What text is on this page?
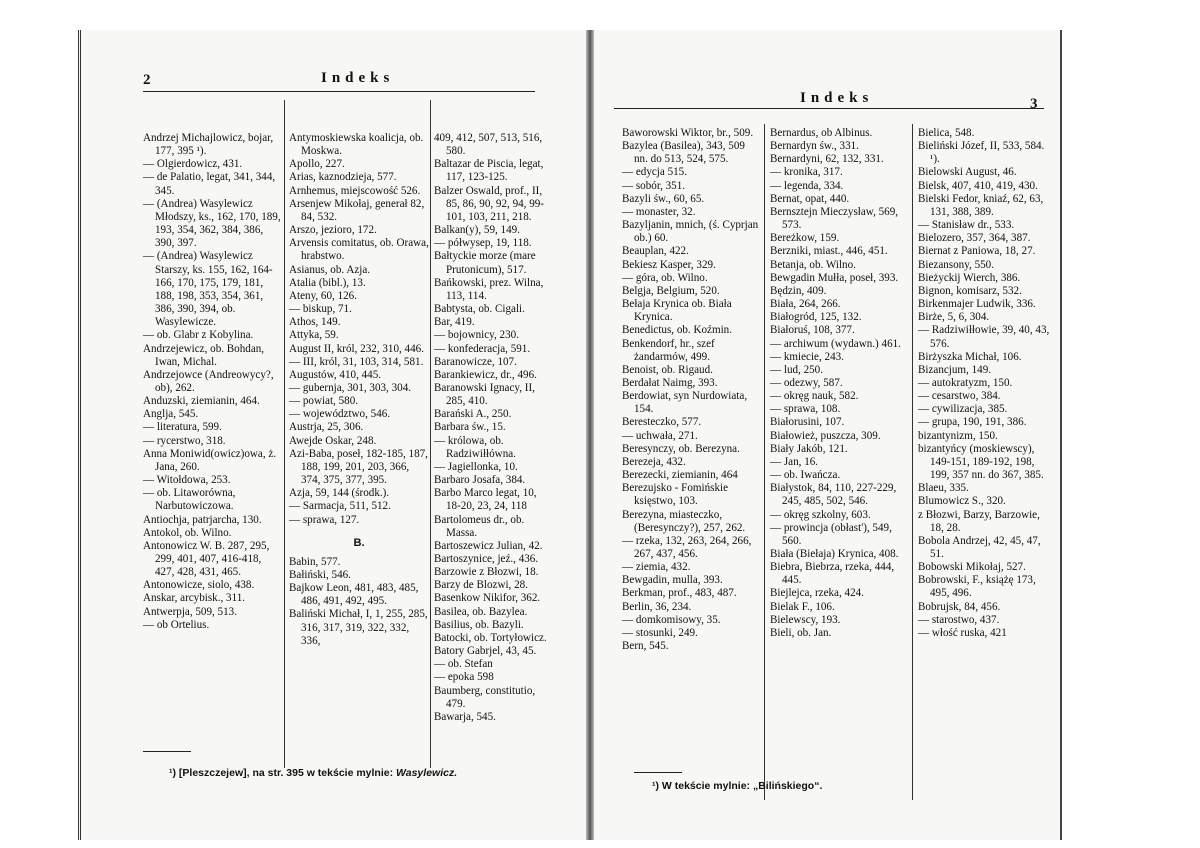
2	Indeks
Andrzej Michajlowicz, bojar, 177, 395 ¹).
— Olgierdowicz, 431.
— de Palatio, legat, 341, 344, 345.
— (Andrea) Wasylewicz Młodszy, ks., 162, 170, 189, 193, 354, 362, 384, 386, 390, 397.
— (Andrea) Wasylewicz Starszy, ks. 155, 162, 164-166, 170, 175, 179, 181, 188, 198, 353, 354, 361, 386, 390, 394, ob. Wasylewicze.
— ob. Glabr z Kobylina.
Andrzejewicz, ob. Bohdan, Iwan, Michal.
Andrzejowce (Andreowycy?, ob), 262.
Anduzski, ziemianin, 464.
Anglja, 545.
— literatura, 599.
— rycerstwo, 318.
Anna Moniwid(owicz)owa, ż. Jana, 260.
— Witołdowa, 253.
— ob. Litaworówna, Narbutowiczowa.
Antiochja, patrjarcha, 130.
Antokol, ob. Wilno.
Antonowicz W. B. 287, 295, 299, 401, 407, 416-418, 427, 428, 431, 465.
Antonowicze, siolo, 438.
Anskar, arcybisk., 311.
Antwerpja, 509, 513.
— ob Ortelius.
Antymoskiewska koalicja, ob. Moskwa.
Apollo, 227.
Arias, kaznodzieja, 577.
Arnhemus, miejscowość 526.
Arsenjew Mikołaj, generał 82, 84, 532.
Arszo, jezioro, 172.
Arvensis comitatus, ob. Orawa, hrabstwo.
Asianus, ob. Azja.
Atalia (bibl.), 13.
Ateny, 60, 126.
— biskup, 71.
Athos, 149.
Attyka, 59.
August II, król, 232, 310, 446.
— III, król, 31, 103, 314, 581.
Augustów, 410, 445.
— gubernja, 301, 303, 304.
— powiat, 580.
— województwo, 546.
Austrja, 25, 306.
Awejde Oskar, 248.
Azi-Baba, poseł, 182-185, 187, 188, 199, 201, 203, 366, 374, 375, 377, 395.
Azja, 59, 144 (środk.).
— Sarmacja, 511, 512.
— sprawa, 127.
B.
Babin, 577.
Bałiński, 546.
Bajkow Leon, 481, 483, 485, 486, 491, 492, 495.
Baliński Michał, I, 1, 255, 285, 316, 317, 319, 322, 332, 336,
409, 412, 507, 513, 516, 580.
Baltazar de Piscia, legat, 117, 123-125.
Balzer Oswald, prof., II, 85, 86, 90, 92, 94, 99-101, 103, 211, 218.
Balkan(y), 59, 149.
— półwysep, 19, 118.
Bałtyckie morze (mare Prutonicum), 517.
Bańkowski, prez. Wilna, 113, 114.
Babtysta, ob. Cigali.
Bar, 419.
— bojownicy, 230.
— konfederacja, 591.
Baranowicze, 107.
Barankiewicz, dr., 496.
Baranowski Ignacy, II, 285, 410.
Barański A., 250.
Barbara św., 15.
— królowa, ob. Radziwiłłówna.
— Jagiellonka, 10.
Barbaro Josafa, 384.
Barbo Marco legat, 10, 18-20, 23, 24, 118
Bartolomeus dr., ob. Massa.
Bartoszewicz Julian, 42.
Bartoszynice, jeź., 436.
Barzowie z Błozwi, 18.
Barzy de Blozwi, 28.
Basenkow Nikifor, 362.
Basilea, ob. Bazylea.
Basilius, ob. Bazyli.
Batocki, ob. Tortyłowicz.
Batory Gabrjel, 43, 45.
— ob. Stefan
— epoka 598
Baumberg, constitutio, 479.
Bawarja, 545.
¹) [Pleszczejew], na str. 395 w tekście mylnie: Wasylewicz.
Indeks	3
Baworowski Wiktor, br., 509.
Bazylea (Basilea), 343, 509 nn. do 513, 524, 575.
— edycja 515.
— sobór, 351.
Bazyli św., 60, 65.
— monaster, 32.
Bazyljanin, mnich, (ś. Cyprjan ob.) 60.
Beauplan, 422.
Bekiesz Kasper, 329.
— góra, ob. Wilno.
Belgja, Belgium, 520.
Bełaja Krynica ob. Biała Krynica.
Benedictus, ob. Koźmin.
Benkendorf, hr., szef żandarmów, 499.
Benoist, ob. Rigaud.
Berdałat Naimg, 393.
Berdowiat, syn Nurdowiata, 154.
Beresteczko, 577.
— uchwała, 271.
Beresynczy, ob. Berezyna.
Berezeja, 432.
Berezecki, ziemianin, 464
Berezujsko - Fomińskie księstwo, 103.
Berezyna, miasteczko, (Beresynczy?), 257, 262.
— rzeka, 132, 263, 264, 266, 267, 437, 456.
— ziemia, 432.
Bewgadin, mulla, 393.
Berkman, prof., 483, 487.
Berlin, 36, 234.
— domkomisowy, 35.
— stosunki, 249.
Bern, 545.
Bernardus, ob Albinus.
Bernardyn św., 331.
Bernardyni, 62, 132, 331.
— kronika, 317.
— legenda, 334.
Bernat, opat, 440.
Bernsztejn Mieczysław, 569, 573.
Bereżkow, 159.
Berzniki, miast., 446, 451.
Betanja, ob. Wilno.
Bewgadin Mułła, poseł, 393.
Będzin, 409.
Biała, 264, 266.
Białogród, 125, 132.
Białoruś, 108, 377.
— archiwum (wydawn.) 461.
— kmiecie, 243.
— lud, 250.
— odezwy, 587.
— okręg nauk, 582.
— sprawa, 108.
Białorusini, 107.
Białowież, puszcza, 309.
Biały Jakób, 121.
— Jan, 16.
— ob. Iwańcza.
Białystok, 84, 110, 227-229, 245, 485, 502, 546.
— okręg szkolny, 603.
— prowincja (obłast'), 549, 560.
Biała (Biełaja) Krynica, 408.
Biebra, Biebrza, rzeka, 444, 445.
Biejlejca, rzeka, 424.
Bielak F., 106.
Bielewscy, 193.
Bieli, ob. Jan.
Bielica, 548.
Bieliński Józef, II, 533, 584. ¹).
Bielowski August, 46.
Bielsk, 407, 410, 419, 430.
Bielski Fedor, kniaź, 62, 63, 131, 388, 389.
— Stanisław dr., 533.
Bielozero, 357, 364, 387.
Biernat z Paniowa, 18, 27.
Biezansony, 550.
Bieżyckij Wierch, 386.
Bignon, komisarz, 532.
Birkenmajer Ludwik, 336.
Birże, 5, 6, 304.
— Radziwiłłowie, 39, 40, 43, 576.
Birżyszka Michał, 106.
Bizancjum, 149.
— autokratyzm, 150.
— cesarstwo, 384.
— cywilizacja, 385.
— grupa, 190, 191, 386.
bizantynizm, 150.
bizantyńcy (moskiewscy), 149-151, 189-192, 198, 199, 357 nn. do 367, 385.
Blaeu, 335.
Blumowicz S., 320.
z Błozwi, Barzy, Barzowie, 18, 28.
Bobola Andrzej, 42, 45, 47, 51.
Bobowski Mikołaj, 527.
Bobrowski, F., książę 173, 495, 496.
Bobrujsk, 84, 456.
— starostwo, 437.
— włość ruska, 421
¹) W tekście mylnie: „Bilińskiego“.
